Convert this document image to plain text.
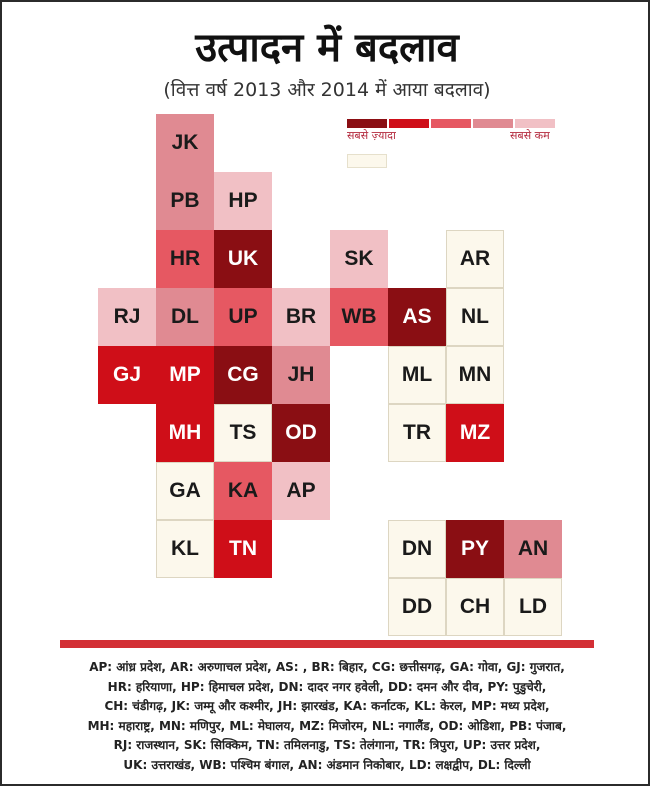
उत्पादन में बदलाव
(वित्त वर्ष 2013 और 2014 में आया बदलाव)
सबसे ज़्यादा	सबसे कम
JK
PB	HP
HR	UK	SK	AR
RJ	DL	UP	BR	WB	AS	NL
GJ	MP	CG	JH	ML	MN
MH	TS	OD	TR	MZ
GA	KA	AP
KL	TN	DN	PY	AN
DD	CH	LD
AP: आंध्र प्रदेश, AR: अरुणाचल प्रदेश, AS: , BR: बिहार, CG: छत्तीसगढ़, GA: गोवा, GJ: गुजरात,
HR: हरियाणा, HP: हिमाचल प्रदेश, DN: दादर नगर हवेली, DD: दमन और दीव, PY: पुडुचेरी,
CH: चंडीगढ़, JK: जम्मू और कश्मीर, JH: झारखंड, KA: कर्नाटक, KL: केरल, MP: मध्य प्रदेश,
MH: महाराष्ट्र, MN: मणिपुर, ML: मेघालय, MZ: मिजोरम, NL: नगालैंड, OD: ओडिशा, PB: पंजाब,
RJ: राजस्थान, SK: सिक्किम, TN: तमिलनाडु, TS: तेलंगाना, TR: त्रिपुरा, UP: उत्तर प्रदेश,
UK: उत्तराखंड, WB: पश्चिम बंगाल, AN: अंडमान निकोबार, LD: लक्षद्वीप, DL: दिल्ली
